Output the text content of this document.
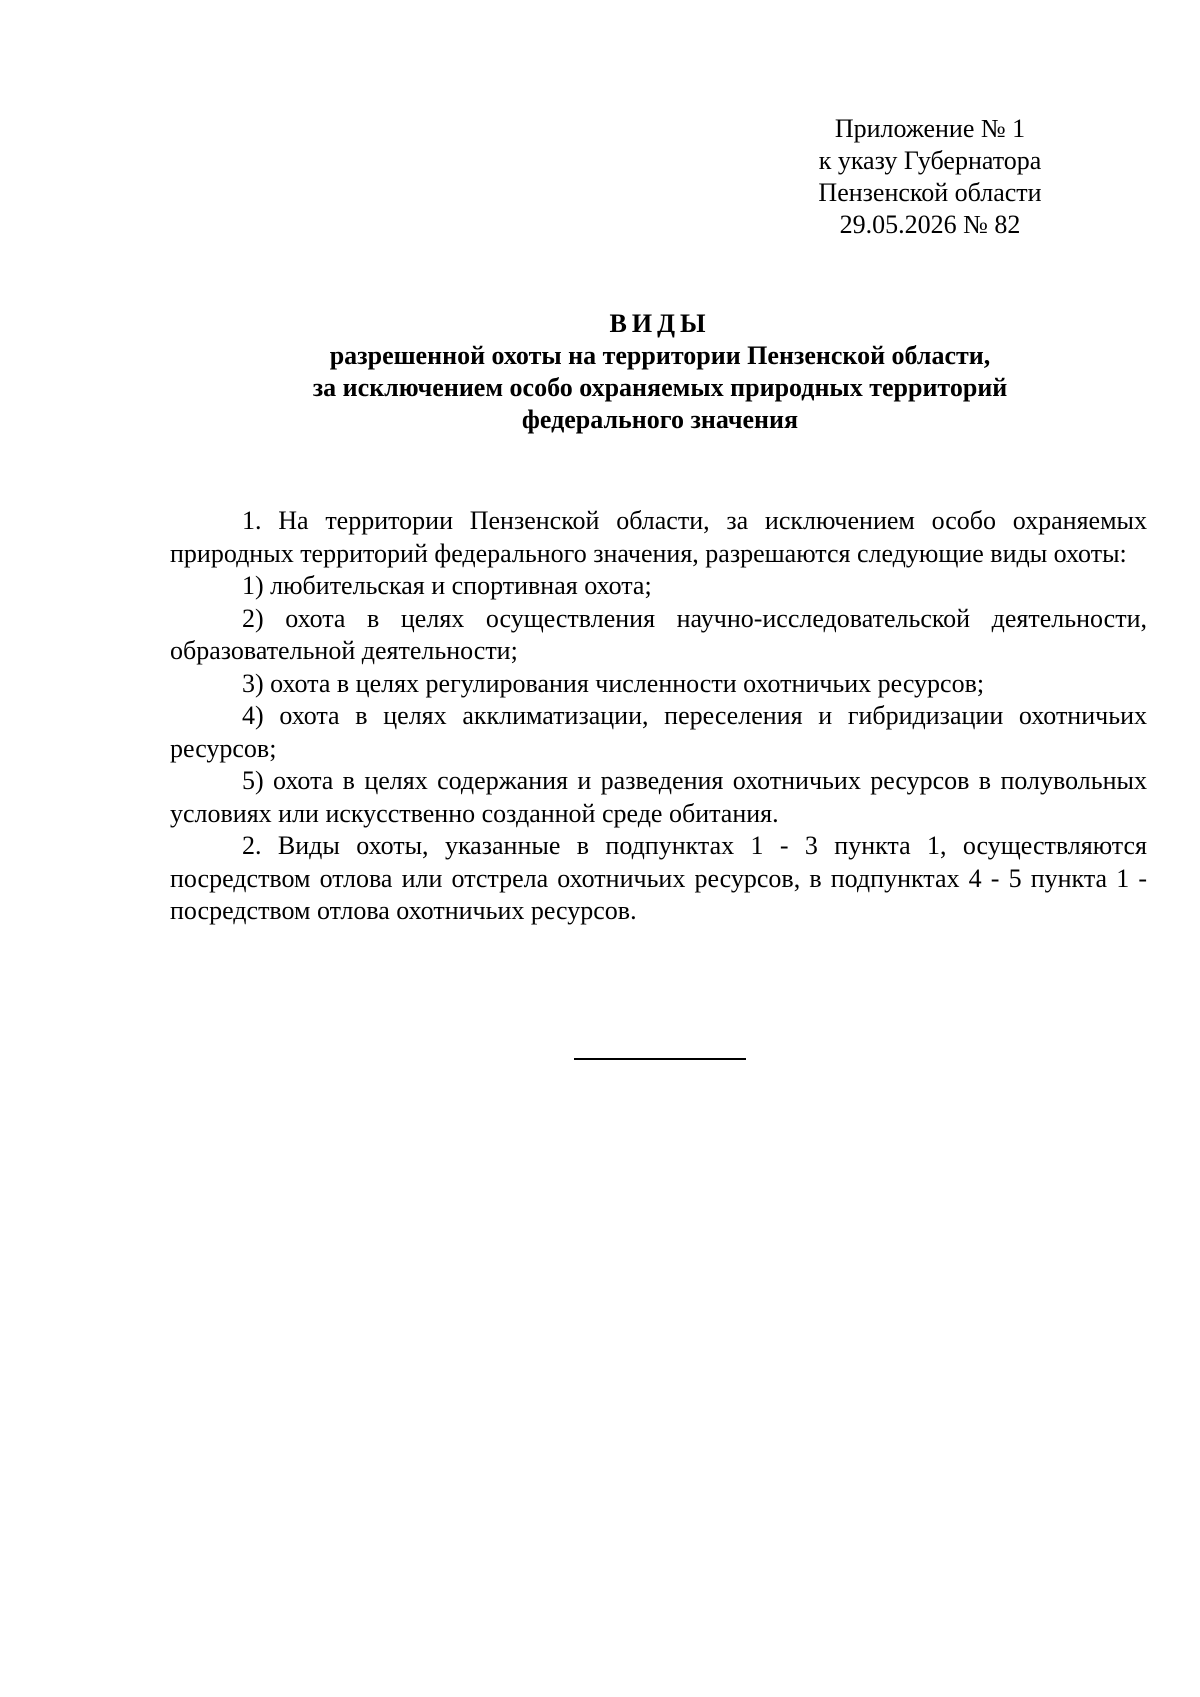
Приложение № 1
к указу Губернатора
Пензенской области
29.05.2026 № 82
ВИДЫ
разрешенной охоты на территории Пензенской области,
за исключением особо охраняемых природных территорий
федерального значения

1. На территории Пензенской области, за исключением особо охраняемых природных территорий федерального значения, разрешаются следующие виды охоты:

1) любительская и спортивная охота;

2) охота в целях осуществления научно-исследовательской деятельности, образовательной деятельности;

3) охота в целях регулирования численности охотничьих ресурсов;

4) охота в целях акклиматизации, переселения и гибридизации охотничьих ресурсов;

5) охота в целях содержания и разведения охотничьих ресурсов в полувольных условиях или искусственно созданной среде обитания.

2. Виды охоты, указанные в подпунктах 1 - 3 пункта 1, осуществляются посредством отлова или отстрела охотничьих ресурсов, в подпунктах 4 - 5 пункта 1 - посредством отлова охотничьих ресурсов.
